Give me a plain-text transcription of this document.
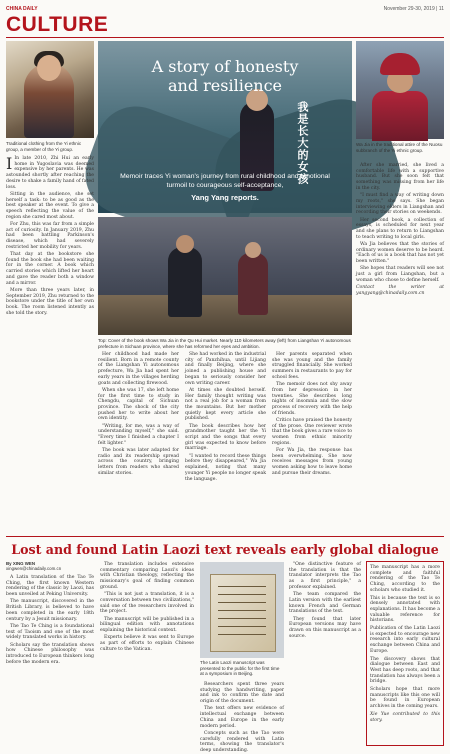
CHINA DAILY	November 29-30, 2019 | 11
CULTURE
Traditional clothing from the Yi ethnic group, a member of the Yi group.
A story of honesty
and resilience
我是长大的女孩
Memoir traces Yi woman's journey from rural childhood and emotional turmoil to courageous self-acceptance,
Yang Yang reports.
Wa Jia in the traditional attire of the Nuosu subbranch of the Yi ethnic group.

I In late 2010, Zhi Hui an early home in Yugoslavia was deemed expensive by her parents. He was astounded shortly after reaching the desire to shake a family hand of fated loss.

Sitting in the audience, she set herself a task: to be as good as the best speaker at the event. To give a speech reflecting the value of the region she cared most about.

For Zhu, this was far from a simple act of curiosity. In January 2019, Zhu had been battling Parkinson's disease, which had severely restricted her mobility for years.

That day at the bookstore she found the book she had been waiting for in the corner. A book which carried stories which lifted her heart and gave the reader both a window and a mirror.

More than three years later, in September 2019, Zhu returned to the bookstore under the title of her own book. The room listened intently as she told the story.

Top: Cover of the book shows Wa Jia in the Qu Hui market. Nearly 110 kilometers away (left) from Liangshan Yi autonomous prefecture in Sichuan province, where she has reformed her eyes and ambition.

Her childhood had made her resilient. Born in a remote county of the Liangshan Yi autonomous prefecture, Wa Jia had spent her early years in the villages herding goats and collecting firewood.

When she was 17, she left home for the first time to study in Chengdu, capital of Sichuan province. The shock of the city pushed her to write about her own identity.

"Writing, for me, was a way of understanding myself," she said. "Every time I finished a chapter I felt lighter."

The book was later adapted for radio and its readership spread across the country, bringing letters from readers who shared similar stories.

She had worked in the industrial city of Panzhihua, until Lijiang and finally Beijing, where she joined a publishing house and began to seriously consider her own writing career.

At times she doubted herself. Her family thought writing was not a real job for a woman from the mountains. But her mother quietly kept every article she published.

The book describes how her grandmother taught her the Yi script and the songs that every girl was expected to know before marriage.

"I wanted to record these things before they disappeared," Wa Jia explained, noting that many younger Yi people no longer speak the language.

Her parents separated when she was young and the family struggled financially. She worked summers in restaurants to pay for school fees.

The memoir does not shy away from her depression in her twenties. She describes long nights of insomnia and the slow process of recovery with the help of friends.

Critics have praised the honesty of the prose. One reviewer wrote that the book gives a rare voice to women from ethnic minority regions.

For Wa Jia, the response has been overwhelming. She now receives messages from young women asking how to leave home and pursue their dreams.

After she married, she lived a comfortable life with a supportive husband. But she soon felt that something was missing from her life in the city.

"I must find a way of writing down my roots," she says. She began interviewing elders in Liangshan and recording their stories on weekends.

Her second book, a collection of essays, is scheduled for next year and she plans to return to Liangshan to teach writing to local girls.

Wa Jia believes that the stories of ordinary women deserve to be heard. "Each of us is a book that has not yet been written."

She hopes that readers will see not just a girl from Liangshan, but a woman who chose to define herself.

Contact the writer at yangyang@chinadaily.com.cn

Lost and found Latin Laozi text reveals early global dialogue
By XING WEN
xingwen@chinadaily.com.cn

A Latin translation of the Tao Te Ching, the first known Western rendering of the classic by Laozi, has been unveiled at Peking University.

The manuscript, discovered in the British Library, is believed to have been completed in the early 18th century by a Jesuit missionary.

The Tao Te Ching is a foundational text of Taoism and one of the most widely translated works in history.

Scholars say the translation shows how Chinese philosophy was introduced to European thinkers long before the modern era.

The translation includes extensive commentary comparing Laozi's ideas with Christian theology, reflecting the missionary's goal of finding common ground.

"This is not just a translation, it is a conversation between two civilizations," said one of the researchers involved in the project.

The manuscript will be published in a bilingual edition with annotations explaining the historical context.

Experts believe it was sent to Europe as part of efforts to explain Chinese culture to the Vatican.

The Latin Laozi manuscript was presented to the public for the first time at a symposium in Beijing.

Researchers spent three years studying the handwriting, paper and ink to confirm the date and origin of the document.

The text offers new evidence of intellectual exchange between China and Europe in the early modern period.

Concepts such as the Tao were carefully rendered with Latin terms, showing the translator's deep understanding.

"One distinctive feature of the translation is that the translator interprets the Tao as a first principle," a professor explained.

The team compared the Latin version with the earliest known French and German translations of the text.

They found that later European versions may have drawn on this manuscript as a source.

The manuscript has a more complete and faithful rendering of the Tao Te Ching, according to the scholars who studied it.

This is because the text is so densely annotated with explanations. It has become a valuable reference for historians.

Publication of the Latin Laozi is expected to encourage new research into early cultural exchange between China and Europe.

The discovery shows that dialogue between East and West has deep roots, and that translation has always been a bridge.

Scholars hope that more manuscripts like this one will be found in European archives in the coming years.

Xie Yue contributed to this story.
